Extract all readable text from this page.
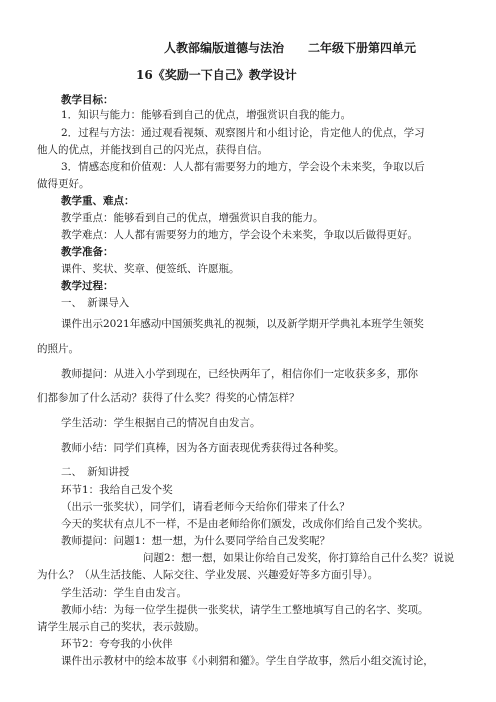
人教部编版道德与法治　　二年级下册第四单元
16《奖励一下自己》教学设计
教学目标：
1．知识与能力：能够看到自己的优点，增强赏识自我的能力。
2．过程与方法：通过观看视频、观察图片和小组讨论，肯定他人的优点，学习
他人的优点，并能找到自己的闪光点，获得自信。
3．情感态度和价值观：人人都有需要努力的地方，学会设个未来奖，争取以后
做得更好。
教学重、难点：
教学重点：能够看到自己的优点，增强赏识自我的能力。
教学难点：人人都有需要努力的地方，学会设个未来奖，争取以后做得更好。
教学准备：
课件、奖状、奖章、便签纸、许愿瓶。
教学过程：
一、　新课导入
课件出示2021年感动中国颁奖典礼的视频，以及新学期开学典礼本班学生领奖
的照片。
教师提问：从进入小学到现在，已经快两年了，相信你们一定收获多多，那你
们都参加了什么活动？获得了什么奖？得奖的心情怎样？
学生活动：学生根据自己的情况自由发言。
教师小结：同学们真棒，因为各方面表现优秀获得过各种奖。
二、　新知讲授
环节1：我给自己发个奖
（出示一张奖状），同学们，请看老师今天给你们带来了什么？
今天的奖状有点儿不一样，不是由老师给你们颁发，改成你们给自己发个奖状。
教师提问：问题1：想一想，为什么要同学给自己发奖呢？
问题2：想一想，如果让你给自己发奖，你打算给自己什么奖？说说
为什么？（从生活技能、人际交往、学业发展、兴趣爱好等多方面引导）。
学生活动：学生自由发言。
教师小结：为每一位学生提供一张奖状，请学生工整地填写自己的名字、奖项。
请学生展示自己的奖状，表示鼓励。
环节2：夸夸我的小伙伴
课件出示教材中的绘本故事《小刺猬和獾》。学生自学故事，然后小组交流讨论，
